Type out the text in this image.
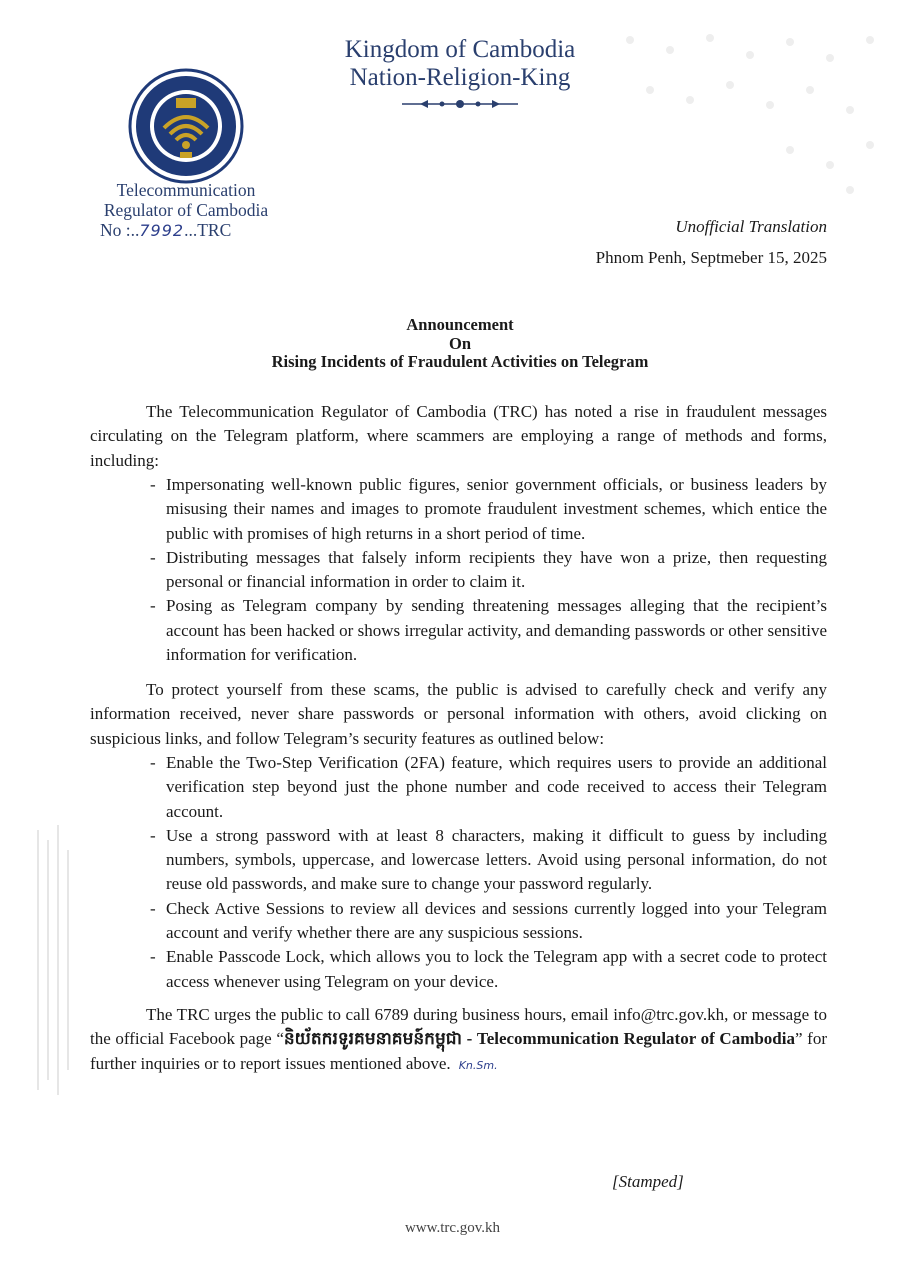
Kingdom of Cambodia
Nation-Religion-King
Telecommunication
Regulator of Cambodia
No :..7992...TRC	Unofficial Translation
Phnom Penh, Septmeber 15, 2025
Announcement
On
Rising Incidents of Fraudulent Activities on Telegram
The Telecommunication Regulator of Cambodia (TRC) has noted a rise in fraudulent messages circulating on the Telegram platform, where scammers are employing a range of methods and forms, including:
- Impersonating well-known public figures, senior government officials, or business leaders by misusing their names and images to promote fraudulent investment schemes, which entice the public with promises of high returns in a short period of time.
- Distributing messages that falsely inform recipients they have won a prize, then requesting personal or financial information in order to claim it.
- Posing as Telegram company by sending threatening messages alleging that the recipient’s account has been hacked or shows irregular activity, and demanding passwords or other sensitive information for verification.
To protect yourself from these scams, the public is advised to carefully check and verify any information received, never share passwords or personal information with others, avoid clicking on suspicious links, and follow Telegram’s security features as outlined below:
- Enable the Two-Step Verification (2FA) feature, which requires users to provide an additional verification step beyond just the phone number and code received to access their Telegram account.
- Use a strong password with at least 8 characters, making it difficult to guess by including numbers, symbols, uppercase, and lowercase letters. Avoid using personal information, do not reuse old passwords, and make sure to change your password regularly.
- Check Active Sessions to review all devices and sessions currently logged into your Telegram account and verify whether there are any suspicious sessions.
- Enable Passcode Lock, which allows you to lock the Telegram app with a secret code to protect access whenever using Telegram on your device.
The TRC urges the public to call 6789 during business hours, email info@trc.gov.kh, or message to the official Facebook page “និយ័តករទូរគមនាគមន៍កម្ពុជា - Telecommunication Regulator of Cambodia” for further inquiries or to report issues mentioned above. Kn.Sm.
[Stamped]
www.trc.gov.kh
